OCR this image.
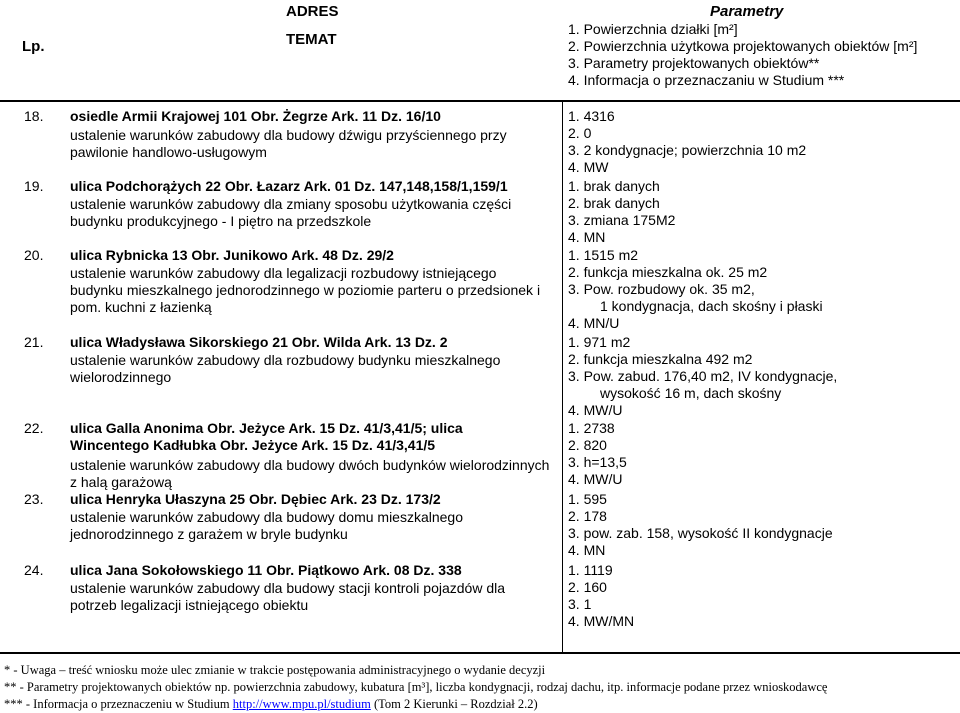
Lp.
ADRES
TEMAT
Parametry
1. Powierzchnia działki [m²]
2. Powierzchnia użytkowa projektowanych obiektów [m²]
3. Parametry projektowanych obiektów**
4. Informacja o przeznaczaniu w Studium ***
18. osiedle Armii Krajowej 101 Obr. Żegrze Ark. 11 Dz. 16/10
ustalenie warunków zabudowy dla budowy dźwigu przyściennego przy pawilonie handlowo-usługowym
1. 4316
2. 0
3. 2 kondygnacje; powierzchnia 10 m2
4. MW
19. ulica Podchorążych 22 Obr. Łazarz Ark. 01 Dz. 147,148,158/1,159/1
ustalenie warunków zabudowy dla zmiany sposobu użytkowania części budynku produkcyjnego - I piętro na przedszkole
1. brak danych
2. brak danych
3. zmiana 175M2
4. MN
20. ulica Rybnicka 13 Obr. Junikowo Ark. 48 Dz. 29/2
ustalenie warunków zabudowy dla legalizacji rozbudowy istniejącego budynku mieszkalnego jednorodzinnego w poziomie parteru o przedsionek i pom. kuchni z łazienką
1. 1515 m2
2. funkcja mieszkalna ok. 25 m2
3. Pow. rozbudowy ok. 35 m2,
1 kondygnacja, dach skośny i płaski
4. MN/U
21. ulica Władysława Sikorskiego 21 Obr. Wilda Ark. 13 Dz. 2
ustalenie warunków zabudowy dla rozbudowy budynku mieszkalnego wielorodzinnego
1. 971 m2
2. funkcja mieszkalna 492 m2
3. Pow. zabud. 176,40 m2, IV kondygnacje,
wysokość 16 m, dach skośny
4. MW/U
22. ulica Galla Anonima Obr. Jeżyce Ark. 15 Dz. 41/3,41/5; ulica Wincentego Kadłubka Obr. Jeżyce Ark. 15 Dz. 41/3,41/5
ustalenie warunków zabudowy dla budowy dwóch budynków wielorodzinnych z halą garażową
1. 2738
2. 820
3. h=13,5
4. MW/U
23. ulica Henryka Ułaszyna 25 Obr. Dębiec Ark. 23 Dz. 173/2
ustalenie warunków zabudowy dla budowy domu mieszkalnego jednorodzinnego z garażem w bryle budynku
1. 595
2. 178
3. pow. zab. 158, wysokość II kondygnacje
4. MN
24. ulica Jana Sokołowskiego 11 Obr. Piątkowo Ark. 08 Dz. 338
ustalenie warunków zabudowy dla budowy stacji kontroli pojazdów dla potrzeb legalizacji istniejącego obiektu
1. 1119
2. 160
3. 1
4. MW/MN
* - Uwaga – treść wniosku może ulec zmianie w trakcie postępowania administracyjnego o wydanie decyzji
** - Parametry projektowanych obiektów np. powierzchnia zabudowy, kubatura [m³], liczba kondygnacji, rodzaj dachu, itp. informacje podane przez wnioskodawcę
*** - Informacja o przeznaczeniu w Studium http://www.mpu.pl/studium (Tom 2 Kierunki – Rozdział 2.2)
